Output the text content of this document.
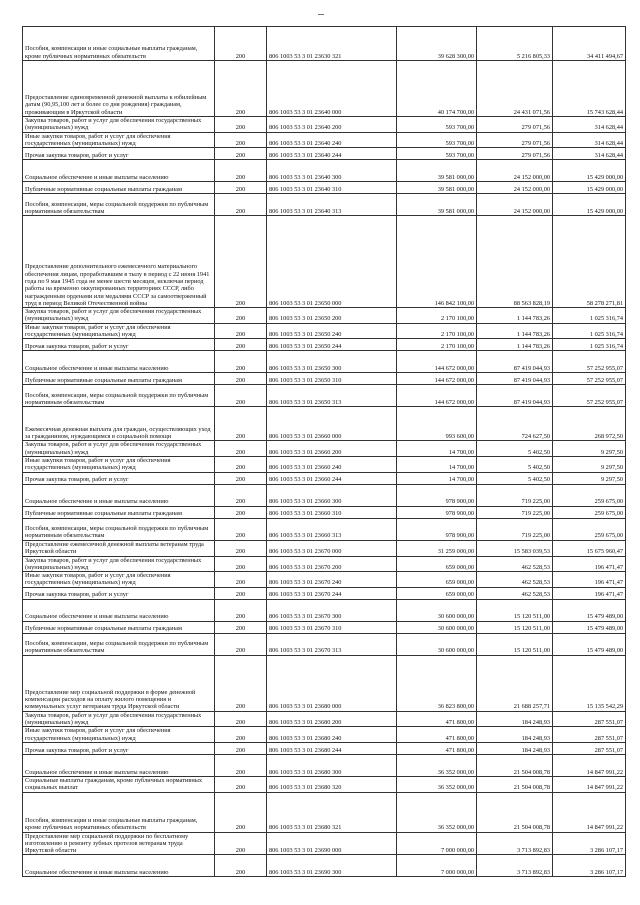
Пособия, компенсации и иные социальные выплаты гражданам, кроме публичных нормативных обязательств	200	806 1003 53 3 01 23630 321	39 628 300,00	5 216 805,33	34 411 494,67
Предоставление единовременной денежной выплаты к юбилейным датам (90,95,100 лет и более со дня рождения) гражданам, проживающим в Иркутской области	200	806 1003 53 3 01 23640 000	40 174 700,00	24 431 071,56	15 743 628,44
Закупка товаров, работ и услуг для обеспечения государственных (муниципальных) нужд	200	806 1003 53 3 01 23640 200	593 700,00	279 071,56	314 628,44
Иные закупки товаров, работ и услуг для обеспечения государственных (муниципальных) нужд	200	806 1003 53 3 01 23640 240	593 700,00	279 071,56	314 628,44
Прочая закупка товаров, работ и услуг	200	806 1003 53 3 01 23640 244	593 700,00	279 071,56	314 628,44
Социальное обеспечение и иные выплаты населению	200	806 1003 53 3 01 23640 300	39 581 000,00	24 152 000,00	15 429 000,00
Публичные нормативные социальные выплаты гражданам	200	806 1003 53 3 01 23640 310	39 581 000,00	24 152 000,00	15 429 000,00
Пособия, компенсации, меры социальной поддержки по публичным нормативным обязательствам	200	806 1003 53 3 01 23640 313	39 581 000,00	24 152 000,00	15 429 000,00
Предоставление дополнительного ежемесячного материального обеспечения лицам, проработавшим в тылу в период с 22 июня 1941 года по 9 мая 1945 года не менее шести месяцев, исключая период работы на временно оккупированных территориях СССР, либо награжденным орденами или медалями СССР за самоотверженный труд в период Великой Отечественной войны	200	806 1003 53 3 01 23650 000	146 842 100,00	88 563 828,19	58 278 271,81
Закупка товаров, работ и услуг для обеспечения государственных (муниципальных) нужд	200	806 1003 53 3 01 23650 200	2 170 100,00	1 144 783,26	1 025 316,74
Иные закупки товаров, работ и услуг для обеспечения государственных (муниципальных) нужд	200	806 1003 53 3 01 23650 240	2 170 100,00	1 144 783,26	1 025 316,74
Прочая закупка товаров, работ и услуг	200	806 1003 53 3 01 23650 244	2 170 100,00	1 144 783,26	1 025 316,74
Социальное обеспечение и иные выплаты населению	200	806 1003 53 3 01 23650 300	144 672 000,00	87 419 044,93	57 252 955,07
Публичные нормативные социальные выплаты гражданам	200	806 1003 53 3 01 23650 310	144 672 000,00	87 419 044,93	57 252 955,07
Пособия, компенсации, меры социальной поддержки по публичным нормативным обязательствам	200	806 1003 53 3 01 23650 313	144 672 000,00	87 419 044,93	57 252 955,07
Ежемесячная денежная выплата для граждан, осуществляющих уход за гражданином, нуждающимся в социальной помощи	200	806 1003 53 3 01 23660 000	993 600,00	724 627,50	268 972,50
Закупка товаров, работ и услуг для обеспечения государственных (муниципальных) нужд	200	806 1003 53 3 01 23660 200	14 700,00	5 402,50	9 297,50
Иные закупки товаров, работ и услуг для обеспечения государственных (муниципальных) нужд	200	806 1003 53 3 01 23660 240	14 700,00	5 402,50	9 297,50
Прочая закупка товаров, работ и услуг	200	806 1003 53 3 01 23660 244	14 700,00	5 402,50	9 297,50
Социальное обеспечение и иные выплаты населению	200	806 1003 53 3 01 23660 300	978 900,00	719 225,00	259 675,00
Публичные нормативные социальные выплаты гражданам	200	806 1003 53 3 01 23660 310	978 900,00	719 225,00	259 675,00
Пособия, компенсации, меры социальной поддержки по публичным нормативным обязательствам	200	806 1003 53 3 01 23660 313	978 900,00	719 225,00	259 675,00
Предоставление ежемесячной денежной выплаты ветеранам труда Иркутской области	200	806 1003 53 3 01 23670 000	31 259 000,00	15 583 039,53	15 675 960,47
Закупка товаров, работ и услуг для обеспечения государственных (муниципальных) нужд	200	806 1003 53 3 01 23670 200	659 000,00	462 528,53	196 471,47
Иные закупки товаров, работ и услуг для обеспечения государственных (муниципальных) нужд	200	806 1003 53 3 01 23670 240	659 000,00	462 528,53	196 471,47
Прочая закупка товаров, работ и услуг	200	806 1003 53 3 01 23670 244	659 000,00	462 528,53	196 471,47
Социальное обеспечение и иные выплаты населению	200	806 1003 53 3 01 23670 300	30 600 000,00	15 120 511,00	15 479 489,00
Публичные нормативные социальные выплаты гражданам	200	806 1003 53 3 01 23670 310	30 600 000,00	15 120 511,00	15 479 489,00
Пособия, компенсации, меры социальной поддержки по публичным нормативным обязательствам	200	806 1003 53 3 01 23670 313	30 600 000,00	15 120 511,00	15 479 489,00
Предоставление мер социальной поддержки в форме денежной компенсации расходов на оплату жилого помещения и коммунальных услуг ветеранам труда Иркутской области	200	806 1003 53 3 01 23680 000	36 823 800,00	21 688 257,71	15 135 542,29
Закупка товаров, работ и услуг для обеспечения государственных (муниципальных) нужд	200	806 1003 53 3 01 23680 200	471 800,00	184 248,93	287 551,07
Иные закупки товаров, работ и услуг для обеспечения государственных (муниципальных) нужд	200	806 1003 53 3 01 23680 240	471 800,00	184 248,93	287 551,07
Прочая закупка товаров, работ и услуг	200	806 1003 53 3 01 23680 244	471 800,00	184 248,93	287 551,07
Социальное обеспечение и иные выплаты населению	200	806 1003 53 3 01 23680 300	36 352 000,00	21 504 008,78	14 847 991,22
Социальные выплаты гражданам, кроме публичных нормативных социальных выплат	200	806 1003 53 3 01 23680 320	36 352 000,00	21 504 008,78	14 847 991,22
Пособия, компенсации и иные социальные выплаты гражданам, кроме публичных нормативных обязательств	200	806 1003 53 3 01 23680 321	36 352 000,00	21 504 008,78	14 847 991,22
Предоставление мер социальной поддержки по бесплатному изготовлению и ремонту зубных протезов ветеранам труда Иркутской области	200	806 1003 53 3 01 23690 000	7 000 000,00	3 713 892,83	3 286 107,17
Социальное обеспечение и иные выплаты населению	200	806 1003 53 3 01 23690 300	7 000 000,00	3 713 892,83	3 286 107,17
